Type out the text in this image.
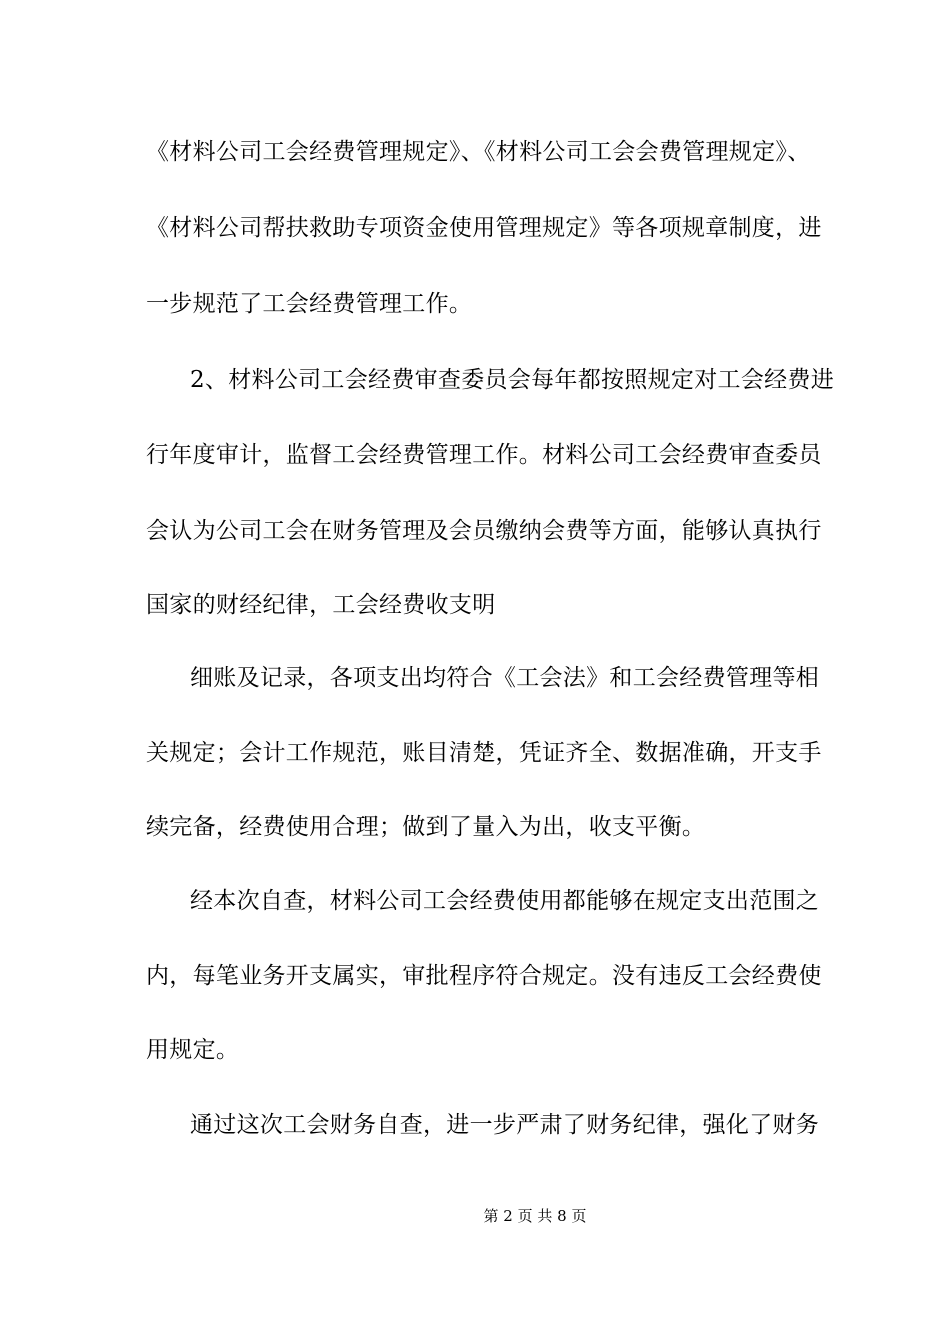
《材料公司工会经费管理规定》、《材料公司工会会费管理规定》、
《材料公司帮扶救助专项资金使用管理规定》等各项规章制度，进
一步规范了工会经费管理工作。
2、材料公司工会经费审查委员会每年都按照规定对工会经费进
行年度审计，监督工会经费管理工作。材料公司工会经费审查委员
会认为公司工会在财务管理及会员缴纳会费等方面，能够认真执行
国家的财经纪律，工会经费收支明
细账及记录，各项支出均符合《工会法》和工会经费管理等相
关规定；会计工作规范，账目清楚，凭证齐全、数据准确，开支手
续完备，经费使用合理；做到了量入为出，收支平衡。
经本次自查，材料公司工会经费使用都能够在规定支出范围之
内，每笔业务开支属实，审批程序符合规定。没有违反工会经费使
用规定。
通过这次工会财务自查，进一步严肃了财务纪律，强化了财务
第 2 页 共 8 页
